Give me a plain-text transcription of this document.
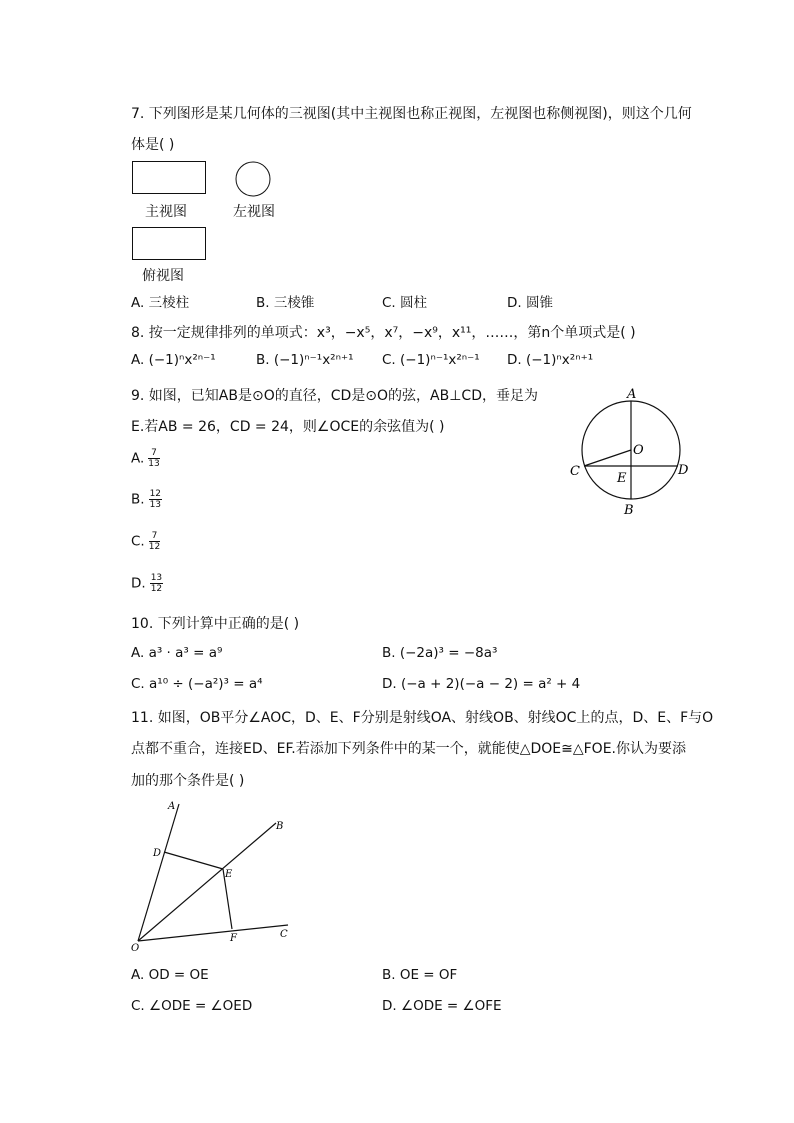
7. 下列图形是某几何体的三视图(其中主视图也称正视图，左视图也称侧视图)，则这个几何
体是( )
主视图	左视图
俯视图
A. 三棱柱	B. 三棱锥	C. 圆柱	D. 圆锥
8. 按一定规律排列的单项式：x³，−x⁵，x⁷，−x⁹，x¹¹，……，第n个单项式是( )
A. (−1)ⁿx²ⁿ⁻¹	B. (−1)ⁿ⁻¹x²ⁿ⁺¹ C. (−1)ⁿ⁻¹x²ⁿ⁻¹ D. (−1)ⁿx²ⁿ⁺¹
9. 如图，已知AB是⊙O的直径，CD是⊙O的弦，AB⊥CD，垂足为
E.若AB = 26，CD = 24，则∠OCE的余弦值为( )
A. $\frac{7}{13}$
B. $\frac{12}{13}$
C. $\frac{7}{12}$
D. $\frac{13}{12}$
A
O
C	D
E
B
10. 下列计算中正确的是( )
A. a³ · a³ = a⁹	B. (−2a)³ = −8a³
C. a¹⁰ ÷ (−a²)³ = a⁴	D. (−a + 2)(−a − 2) = a² + 4
11. 如图，OB平分∠AOC，D、E、F分别是射线OA、射线OB、射线OC上的点，D、E、F与O
点都不重合，连接ED、EF.若添加下列条件中的某一个，就能使△DOE≅△FOE.你认为要添
加的那个条件是( )
A
B
C
D
E
F
O
A. OD = OE	B. OE = OF
C. ∠ODE = ∠OED	D. ∠ODE = ∠OFE
